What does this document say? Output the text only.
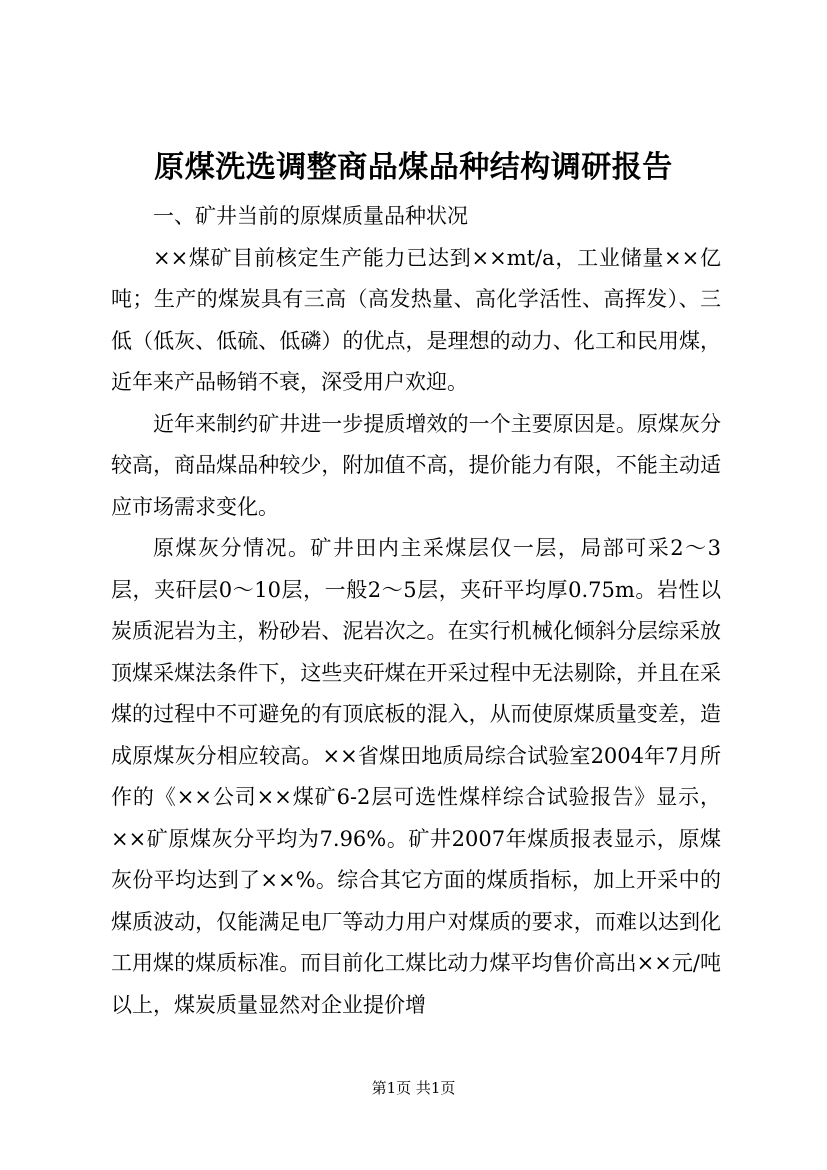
原煤洗选调整商品煤品种结构调研报告

一、矿井当前的原煤质量品种状况

××煤矿目前核定生产能力已达到××mt/a，工业储量××亿吨；生产的煤炭具有三高（高发热量、高化学活性、高挥发）、三低（低灰、低硫、低磷）的优点，是理想的动力、化工和民用煤，近年来产品畅销不衰，深受用户欢迎。

近年来制约矿井进一步提质增效的一个主要原因是。原煤灰分较高，商品煤品种较少，附加值不高，提价能力有限，不能主动适应市场需求变化。

原煤灰分情况。矿井田内主采煤层仅一层，局部可采2～3层，夹矸层0～10层，一般2～5层，夹矸平均厚0.75m。岩性以炭质泥岩为主，粉砂岩、泥岩次之。在实行机械化倾斜分层综采放顶煤采煤法条件下，这些夹矸煤在开采过程中无法剔除，并且在采煤的过程中不可避免的有顶底板的混入，从而使原煤质量变差，造成原煤灰分相应较高。××省煤田地质局综合试验室2004年7月所作的《××公司××煤矿6-2层可选性煤样综合试验报告》显示，××矿原煤灰分平均为7.96%。矿井2007年煤质报表显示，原煤灰份平均达到了××%。综合其它方面的煤质指标，加上开采中的煤质波动，仅能满足电厂等动力用户对煤质的要求，而难以达到化工用煤的煤质标准。而目前化工煤比动力煤平均售价高出××元/吨以上，煤炭质量显然对企业提价增

第1页 共1页
